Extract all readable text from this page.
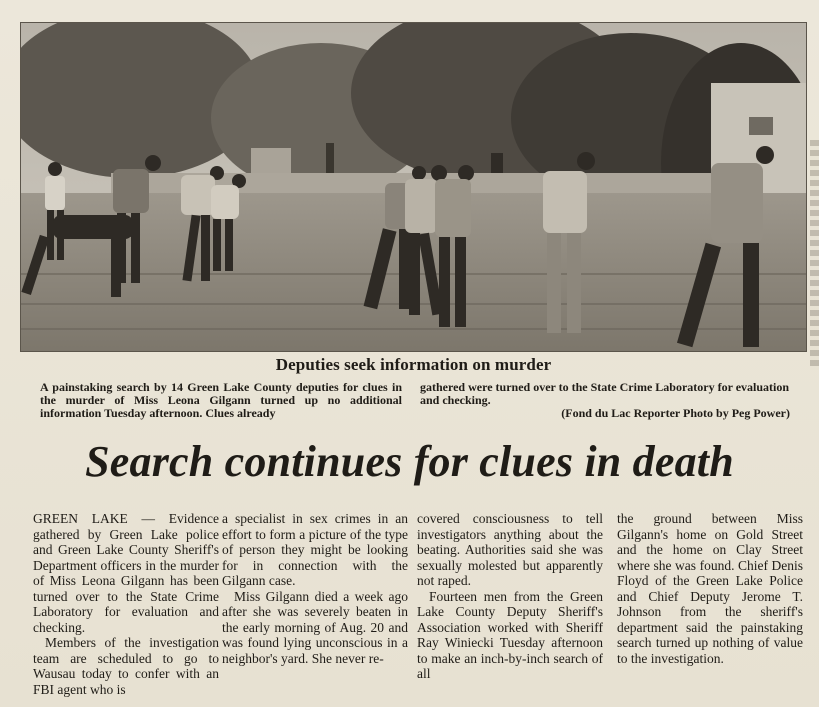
Deputies seek information on murder
A painstaking search by 14 Green Lake County deputies for clues in the murder of Miss Leona Gilgann turned up no additional information Tuesday afternoon. Clues already
gathered were turned over to the State Crime Laboratory for evaluation and checking.
(Fond du Lac Reporter Photo by Peg Power)
Search continues for clues in death

GREEN LAKE — Evidence gathered by Green Lake police and Green Lake County Sheriff's Department officers in the murder of Miss Leona Gilgann has been turned over to the State Crime Laboratory for evaluation and checking.

Members of the investigation team are scheduled to go to Wausau today to confer with an FBI agent who is

a specialist in sex crimes in an effort to form a picture of the type of person they might be looking for in connection with the Gilgann case.

Miss Gilgann died a week ago after she was severely beaten in the early morning of Aug. 20 and was found lying unconscious in a neighbor's yard. She never re-

covered consciousness to tell investigators anything about the beating. Authorities said she was sexually molested but apparently not raped.

Fourteen men from the Green Lake County Deputy Sheriff's Association worked with Sheriff Ray Winiecki Tuesday afternoon to make an inch-by-inch search of all

the ground between Miss Gilgann's home on Gold Street and the home on Clay Street where she was found. Chief Denis Floyd of the Green Lake Police and Chief Deputy Jerome T. Johnson from the sheriff's department said the painstaking search turned up nothing of value to the investigation.
